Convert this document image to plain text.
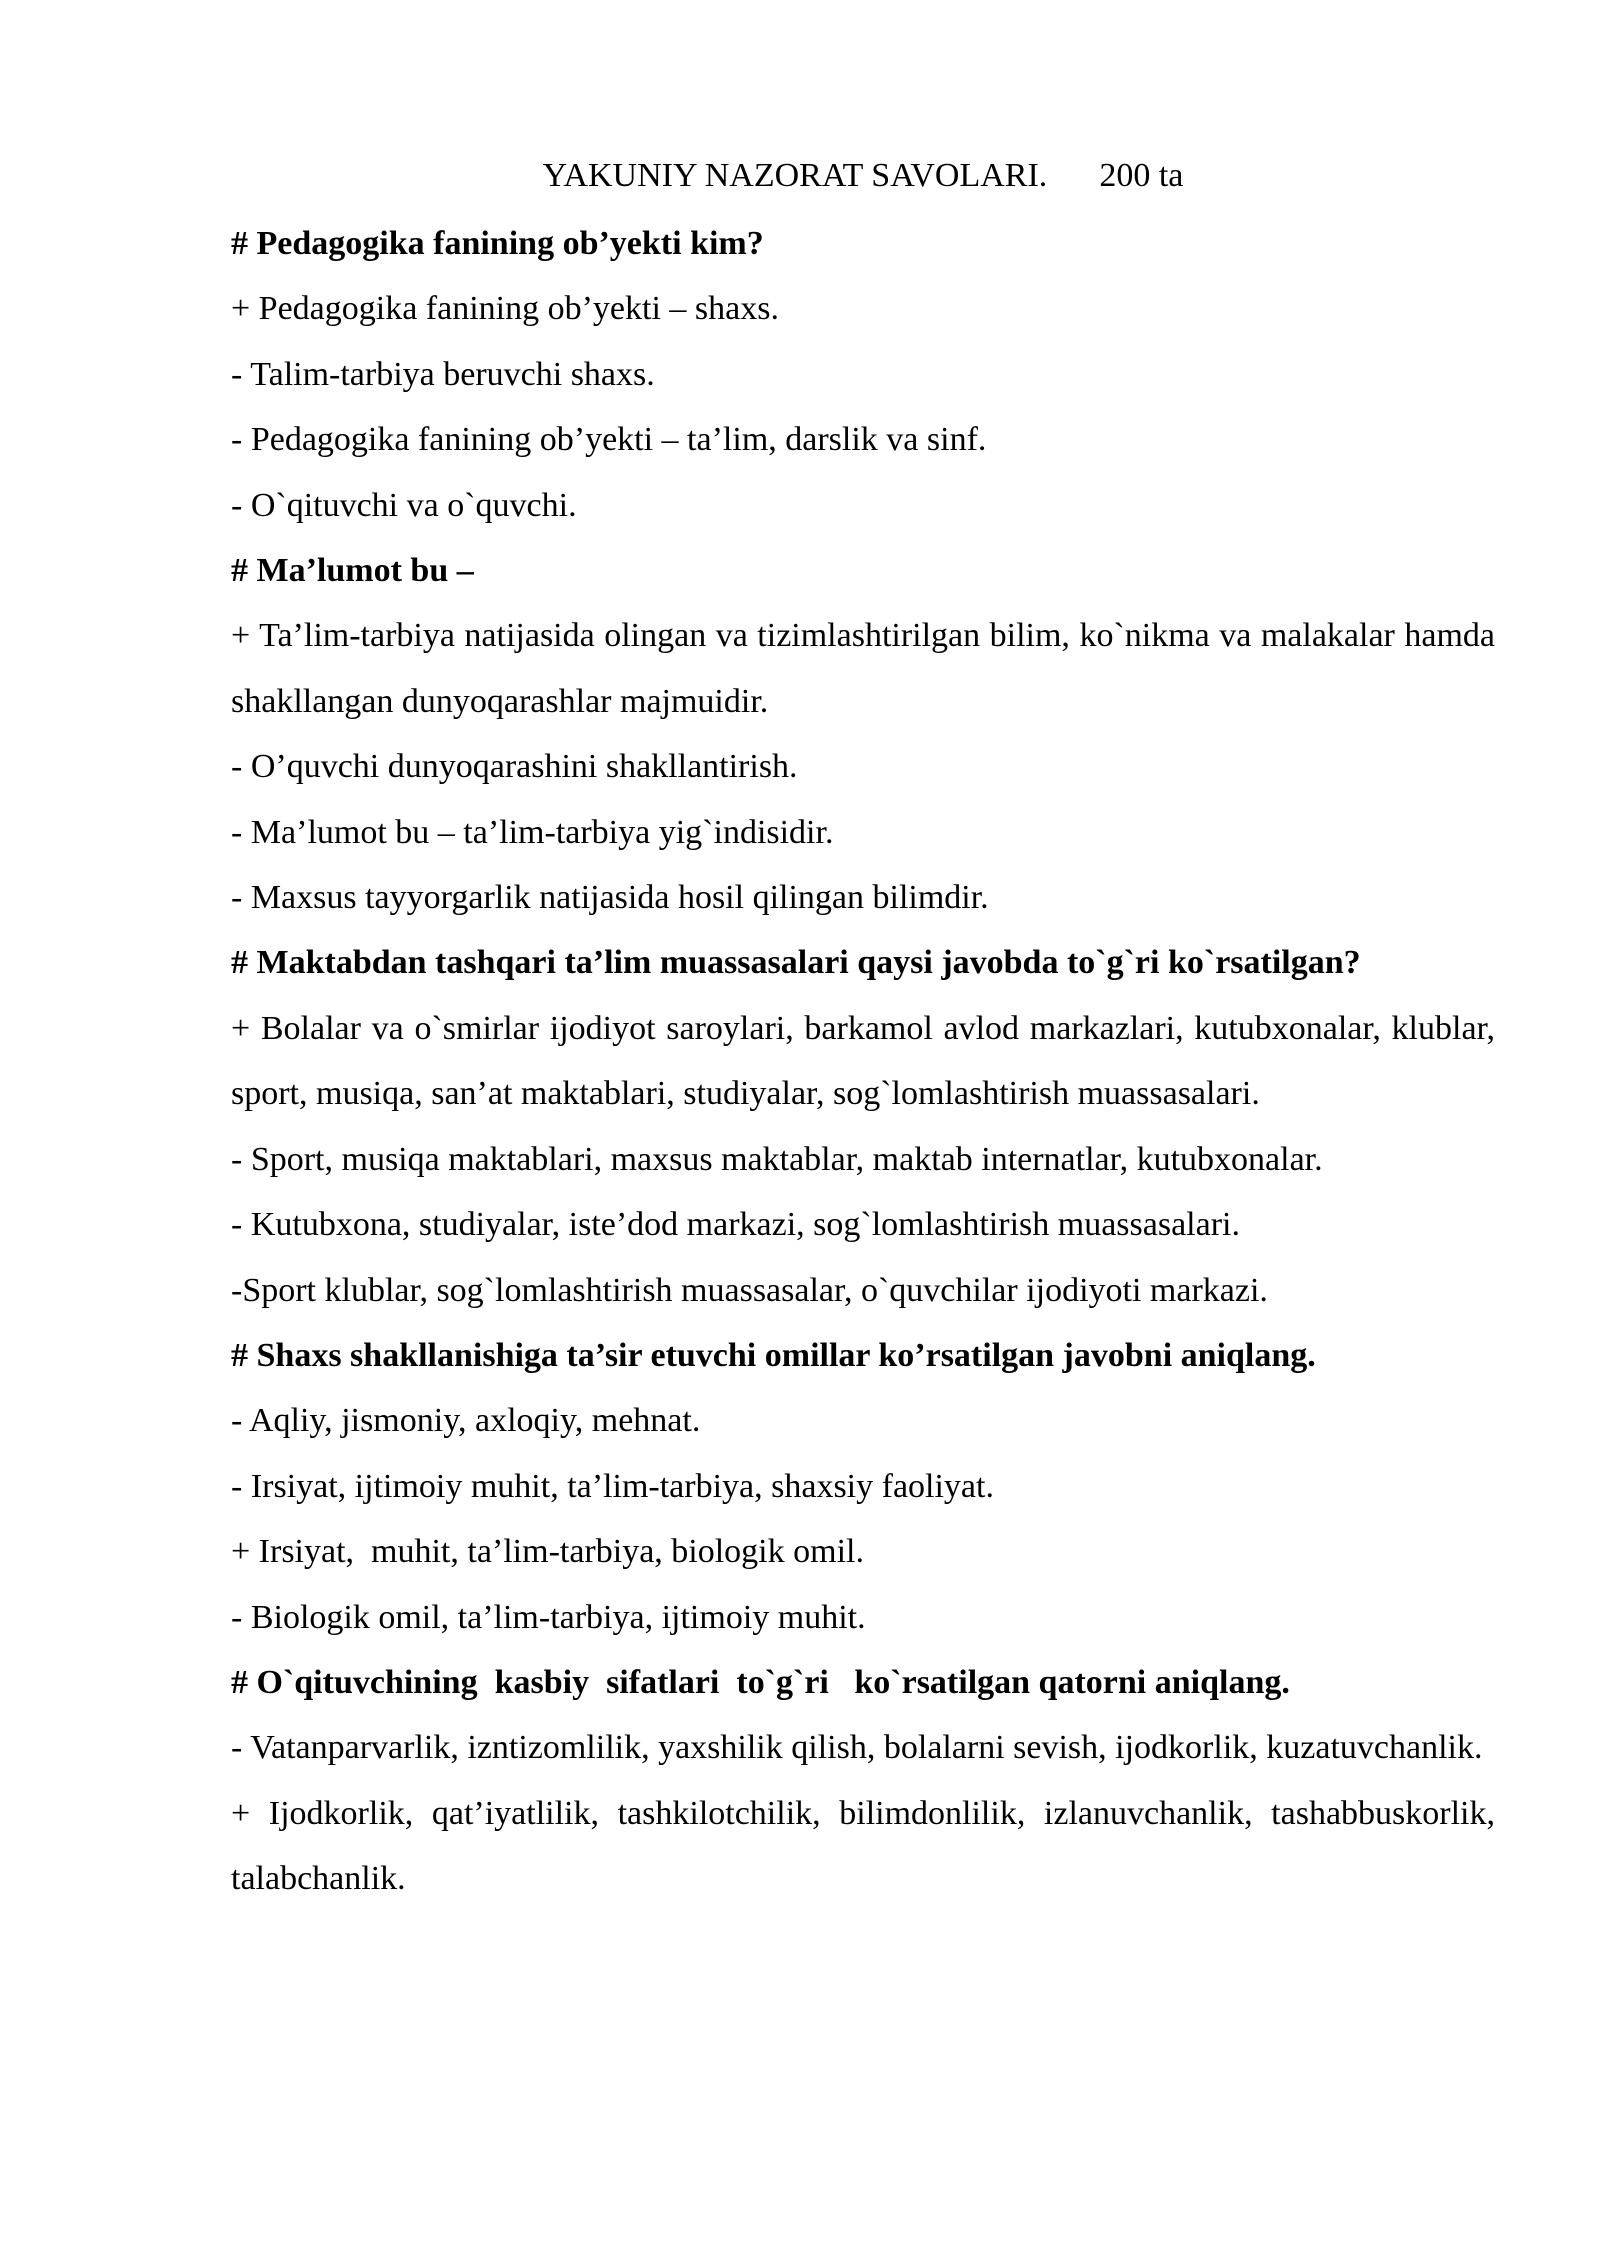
YAKUNIY NAZORAT SAVOLARI. 200 ta

# Pedagogika fanining ob’yekti kim?

+ Pedagogika fanining ob’yekti – shaxs.

- Talim-tarbiya beruvchi shaxs.

- Pedagogika fanining ob’yekti – ta’lim, darslik va sinf.

- O`qituvchi va o`quvchi.

# Ma’lumot bu –

+ Ta’lim-tarbiya natijasida olingan va tizimlashtirilgan bilim, ko`nikma va malakalar hamda shakllangan dunyoqarashlar majmuidir.

- O’quvchi dunyoqarashini shakllantirish.

- Ma’lumot bu – ta’lim-tarbiya yig`indisidir.

- Maxsus tayyorgarlik natijasida hosil qilingan bilimdir.

# Maktabdan tashqari ta’lim muassasalari qaysi javobda to`g`ri ko`rsatilgan?

+ Bolalar va o`smirlar ijodiyot saroylari, barkamol avlod markazlari, kutubxonalar, klublar, sport, musiqa, san’at maktablari, studiyalar, sog`lomlashtirish muassasalari.

- Sport, musiqa maktablari, maxsus maktablar, maktab internatlar, kutubxonalar.

- Kutubxona, studiyalar, iste’dod markazi, sog`lomlashtirish muassasalari.

-Sport klublar, sog`lomlashtirish muassasalar, o`quvchilar ijodiyoti markazi.

# Shaxs shakllanishiga ta’sir etuvchi omillar ko’rsatilgan javobni aniqlang.

- Aqliy, jismoniy, axloqiy, mehnat.

- Irsiyat, ijtimoiy muhit, ta’lim-tarbiya, shaxsiy faoliyat.

+ Irsiyat,  muhit, ta’lim-tarbiya, biologik omil.

- Biologik omil, ta’lim-tarbiya, ijtimoiy muhit.

# O`qituvchining  kasbiy  sifatlari  to`g`ri   ko`rsatilgan qatorni aniqlang.

- Vatanparvarlik, izntizomlilik, yaxshilik qilish, bolalarni sevish, ijodkorlik, kuzatuvchanlik.

+ Ijodkorlik, qat’iyatlilik, tashkilotchilik, bilimdonlilik, izlanuvchanlik, tashabbuskorlik, talabchanlik.
